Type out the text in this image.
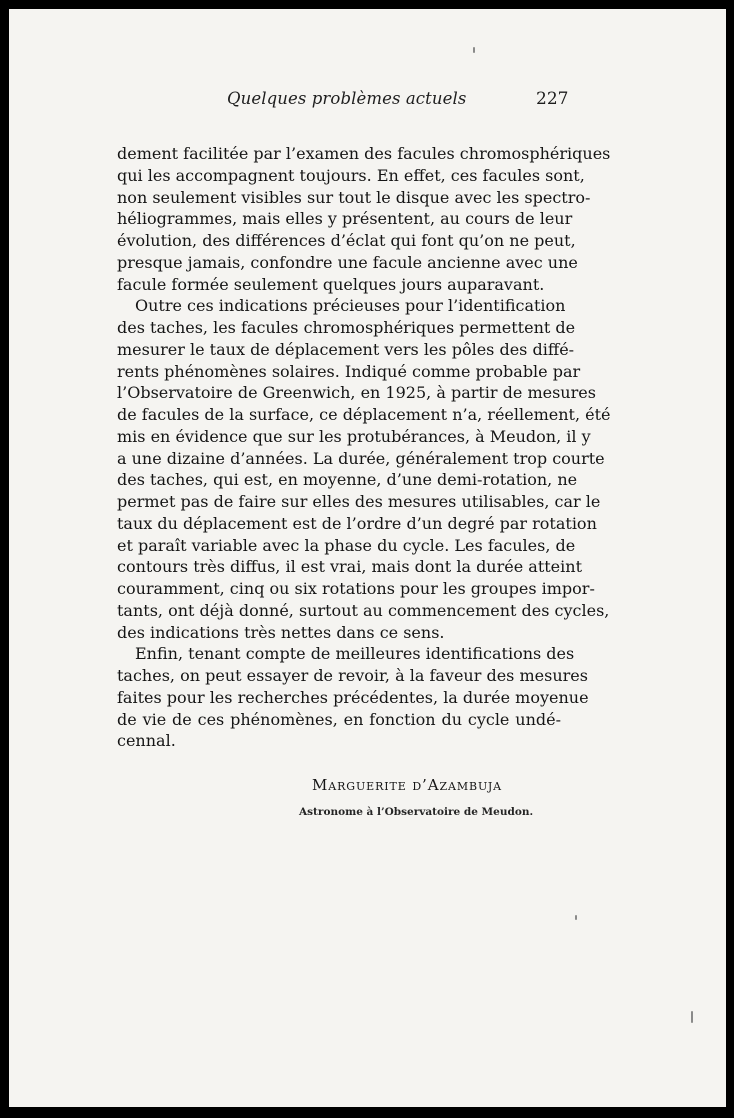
Quelques problèmes actuels	227
dement facilitée par l’examen des facules chromosphériques
qui les accompagnent toujours. En effet, ces facules sont,
non seulement visibles sur tout le disque avec les spectro-
héliogrammes, mais elles y présentent, au cours de leur
évolution, des différences d’éclat qui font qu’on ne peut,
presque jamais, confondre une facule ancienne avec une
facule formée seulement quelques jours auparavant.
Outre ces indications précieuses pour l’identification
des taches, les facules chromosphériques permettent de
mesurer le taux de déplacement vers les pôles des diffé-
rents phénomènes solaires. Indiqué comme probable par
l’Observatoire de Greenwich, en 1925, à partir de mesures
de facules de la surface, ce déplacement n’a, réellement, été
mis en évidence que sur les protubérances, à Meudon, il y
a une dizaine d’années. La durée, généralement trop courte
des taches, qui est, en moyenne, d’une demi-rotation, ne
permet pas de faire sur elles des mesures utilisables, car le
taux du déplacement est de l’ordre d’un degré par rotation
et paraît variable avec la phase du cycle. Les facules, de
contours très diffus, il est vrai, mais dont la durée atteint
couramment, cinq ou six rotations pour les groupes impor-
tants, ont déjà donné, surtout au commencement des cycles,
des indications très nettes dans ce sens.
Enfin, tenant compte de meilleures identifications des
taches, on peut essayer de revoir, à la faveur des mesures
faites pour les recherches précédentes, la durée moyenue
de vie de ces phénomènes, en fonction du cycle undé-
cennal.
Marguerite d’Azambuja
Astronome à l’Observatoire de Meudon.
